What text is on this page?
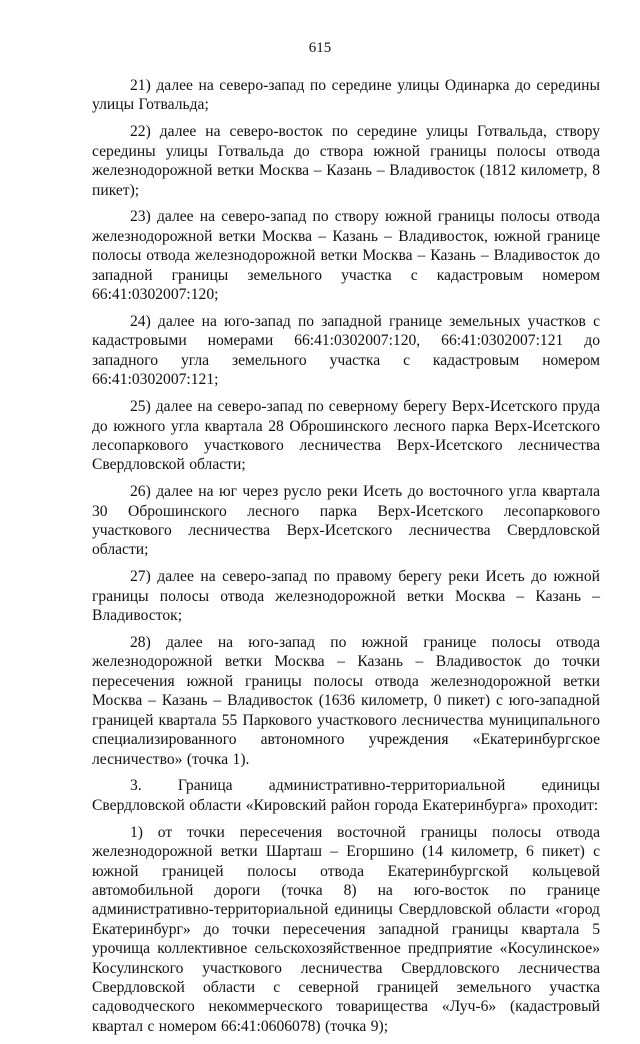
615

21) далее на северо-запад по середине улицы Одинарка до середины улицы Готвальда;

22) далее на северо-восток по середине улицы Готвальда, створу середины улицы Готвальда до створа южной границы полосы отвода железнодорожной ветки Москва – Казань – Владивосток (1812 километр, 8 пикет);

23) далее на северо-запад по створу южной границы полосы отвода железнодорожной ветки Москва – Казань – Владивосток, южной границе полосы отвода железнодорожной ветки Москва – Казань – Владивосток до западной границы земельного участка с кадастровым номером 66:41:0302007:120;

24) далее на юго-запад по западной границе земельных участков с кадастровыми номерами 66:41:0302007:120, 66:41:0302007:121 до западного угла земельного участка с кадастровым номером 66:41:0302007:121;

25) далее на северо-запад по северному берегу Верх-Исетского пруда до южного угла квартала 28 Оброшинского лесного парка Верх-Исетского лесопаркового участкового лесничества Верх-Исетского лесничества Свердловской области;

26) далее на юг через русло реки Исеть до восточного угла квартала 30 Оброшинского лесного парка Верх-Исетского лесопаркового участкового лесничества Верх-Исетского лесничества Свердловской области;

27) далее на северо-запад по правому берегу реки Исеть до южной границы полосы отвода железнодорожной ветки Москва – Казань – Владивосток;

28) далее на юго-запад по южной границе полосы отвода железнодорожной ветки Москва – Казань – Владивосток до точки пересечения южной границы полосы отвода железнодорожной ветки Москва – Казань – Владивосток (1636 километр, 0 пикет) с юго-западной границей квартала 55 Паркового участкового лесничества муниципального специализированного автономного учреждения «Екатеринбургское лесничество» (точка 1).

3. Граница административно-территориальной единицы Свердловской области «Кировский район города Екатеринбурга» проходит:

1) от точки пересечения восточной границы полосы отвода железнодорожной ветки Шарташ – Егоршино (14 километр, 6 пикет) с южной границей полосы отвода Екатеринбургской кольцевой автомобильной дороги (точка 8) на юго-восток по границе административно-территориальной единицы Свердловской области «город Екатеринбург» до точки пересечения западной границы квартала 5 урочища коллективное сельскохозяйственное предприятие «Косулинское» Косулинского участкового лесничества Свердловского лесничества Свердловской области с северной границей земельного участка садоводческого некоммерческого товарищества «Луч-6» (кадастровый квартал с номером 66:41:0606078) (точка 9);
